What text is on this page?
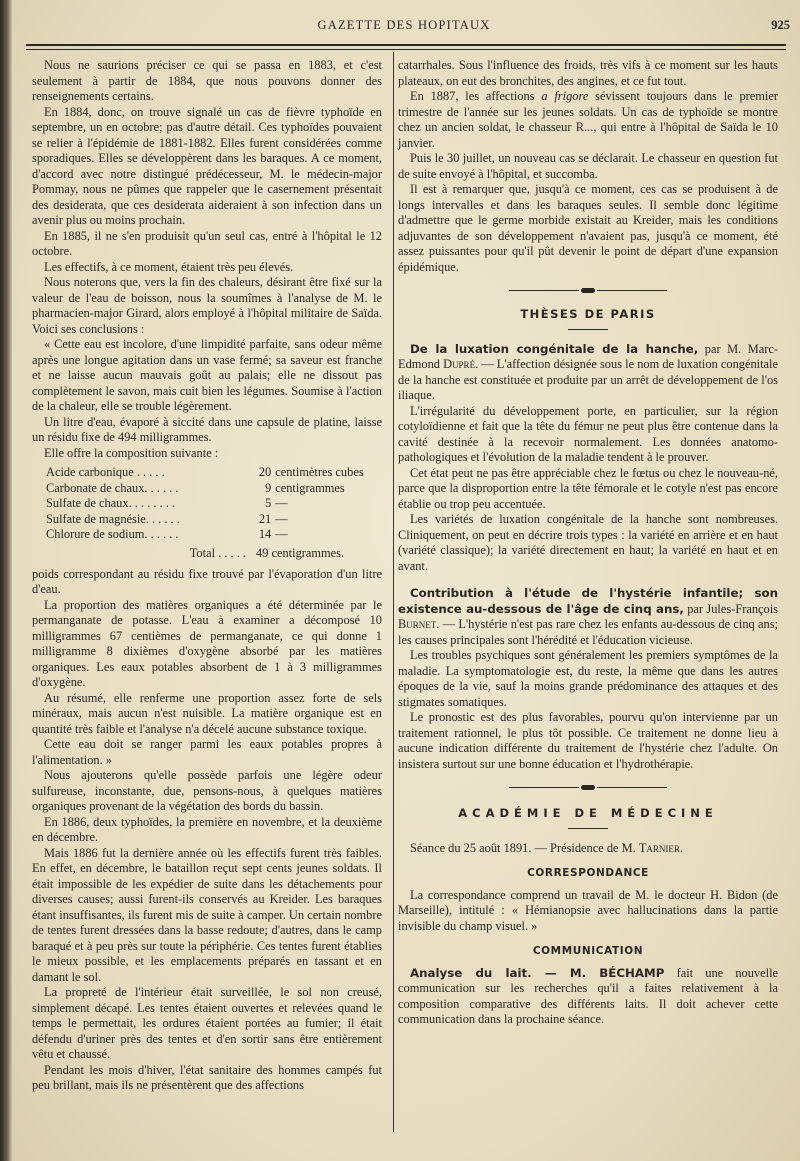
GAZETTE DES HOPITAUX	925

Nous ne saurions préciser ce qui se passa en 1883, et c'est seulement à partir de 1884, que nous pouvons donner des renseignements certains.

En 1884, donc, on trouve signalé un cas de fièvre typhoïde en septembre, un en octobre; pas d'autre détail. Ces typhoïdes pouvaient se relier à l'épidémie de 1881-1882. Elles furent considérées comme sporadiques. Elles se développèrent dans les baraques. A ce moment, d'accord avec notre distingué prédécesseur, M. le médecin-major Pommay, nous ne pûmes que rappeler que le casernement présentait des desiderata, que ces desiderata aideraient à son infection dans un avenir plus ou moins prochain.

En 1885, il ne s'en produisit qu'un seul cas, entré à l'hôpital le 12 octobre.

Les effectifs, à ce moment, étaient très peu élevés.

Nous noterons que, vers la fin des chaleurs, désirant être fixé sur la valeur de l'eau de boisson, nous la soumîmes à l'analyse de M. le pharmacien-major Girard, alors employé à l'hôpital militaire de Saïda. Voici ses conclusions :

« Cette eau est incolore, d'une limpidité parfaite, sans odeur même après une longue agitation dans un vase fermé; sa saveur est franche et ne laisse aucun mauvais goût au palais; elle ne dissout pas complètement le savon, mais cuit bien les légumes. Soumise à l'action de la chaleur, elle se trouble légèrement.

Un litre d'eau, évaporé à siccité dans une capsule de platine, laisse un résidu fixe de 494 milligrammes.

Elle offre la composition suivante :

Acide carbonique . . . . .	20 centimètres cubes
Carbonate de chaux. . . . . .	9 centigrammes
Sulfate de chaux. . . . . . . .	5 —
Sulfate de magnésie. . . . . .	21 —
Chlorure de sodium. . . . . .	14 —
Total . . . . . 49 centigrammes.

poids correspondant au résidu fixe trouvé par l'évaporation d'un litre d'eau.

La proportion des matières organiques a été déterminée par le permanganate de potasse. L'eau à examiner a décomposé 10 milligrammes 67 centièmes de permanganate, ce qui donne 1 milligramme 8 dixièmes d'oxygène absorbé par les matières organiques. Les eaux potables absorbent de 1 à 3 milligrammes d'oxygène.

Au résumé, elle renferme une proportion assez forte de sels minéraux, mais aucun n'est nuisible. La matière organique est en quantité très faible et l'analyse n'a décelé aucune substance toxique.

Cette eau doit se ranger parmi les eaux potables propres à l'alimentation. »

Nous ajouterons qu'elle possède parfois une légère odeur sulfureuse, inconstante, due, pensons-nous, à quelques matières organiques provenant de la végétation des bords du bassin.

En 1886, deux typhoïdes, la première en novembre, et la deuxième en décembre.

Mais 1886 fut la dernière année où les effectifs furent très faibles. En effet, en décembre, le bataillon reçut sept cents jeunes soldats. Il était impossible de les expédier de suite dans les détachements pour diverses causes; aussi furent-ils conservés au Kreider. Les baraques étant insuffisantes, ils furent mis de suite à camper. Un certain nombre de tentes furent dressées dans la basse redoute; d'autres, dans le camp baraqué et à peu près sur toute la périphérie. Ces tentes furent établies le mieux possible, et les emplacements préparés en tassant et en damant le sol.

La propreté de l'intérieur était surveillée, le sol non creusé, simplement décapé. Les tentes étaient ouvertes et relevées quand le temps le permettait, les ordures étaient portées au fumier; il était défendu d'uriner près des tentes et d'en sortir sans être entièrement vêtu et chaussé.

Pendant les mois d'hiver, l'état sanitaire des hommes campés fut peu brillant, mais ils ne présentèrent que des affections

catarrhales. Sous l'influence des froids, très vifs à ce moment sur les hauts plateaux, on eut des bronchites, des angines, et ce fut tout.

En 1887, les affections a frigore sévissent toujours dans le premier trimestre de l'année sur les jeunes soldats. Un cas de typhoïde se montre chez un ancien soldat, le chasseur R..., qui entre à l'hôpital de Saïda le 10 janvier.

Puis le 30 juillet, un nouveau cas se déclarait. Le chasseur en question fut de suite envoyé à l'hôpital, et succomba.

Il est à remarquer que, jusqu'à ce moment, ces cas se produisent à de longs intervalles et dans les baraques seules. Il semble donc légitime d'admettre que le germe morbide existait au Kreider, mais les conditions adjuvantes de son développement n'avaient pas, jusqu'à ce moment, été assez puissantes pour qu'il pût devenir le point de départ d'une expansion épidémique.

THÈSES DE PARIS

De la luxation congénitale de la hanche, par M. Marc-Edmond Dupré. — L'affection désignée sous le nom de luxation congénitale de la hanche est constituée et produite par un arrêt de développement de l'os iliaque.

L'irrégularité du développement porte, en particulier, sur la région cotyloïdienne et fait que la tête du fémur ne peut plus être contenue dans la cavité destinée à la recevoir normalement. Les données anatomo-pathologiques et l'évolution de la maladie tendent à le prouver.

Cet état peut ne pas être appréciable chez le fœtus ou chez le nouveau-né, parce que la disproportion entre la tête fémorale et le cotyle n'est pas encore établie ou trop peu accentuée.

Les variétés de luxation congénitale de la hanche sont nombreuses. Cliniquement, on peut en décrire trois types : la variété en arrière et en haut (variété classique); la variété directement en haut; la variété en haut et en avant.

Contribution à l'étude de l'hystérie infantile; son existence au-dessous de l'âge de cinq ans, par Jules-François Burnet. — L'hystérie n'est pas rare chez les enfants au-dessous de cinq ans; les causes principales sont l'hérédité et l'éducation vicieuse.

Les troubles psychiques sont généralement les premiers symptômes de la maladie. La symptomatologie est, du reste, la même que dans les autres époques de la vie, sauf la moins grande prédominance des attaques et des stigmates somatiques.

Le pronostic est des plus favorables, pourvu qu'on intervienne par un traitement rationnel, le plus tôt possible. Ce traitement ne donne lieu à aucune indication différente du traitement de l'hystérie chez l'adulte. On insistera surtout sur une bonne éducation et l'hydrothérapie.

ACADÉMIE DE MÉDECINE

Séance du 25 août 1891. — Présidence de M. Tarnier.

CORRESPONDANCE

La correspondance comprend un travail de M. le docteur H. Bidon (de Marseille), intitulé : « Hémianopsie avec hallucinations dans la partie invisible du champ visuel. »

COMMUNICATION

Analyse du lait. — M. BÉCHAMP fait une nouvelle communication sur les recherches qu'il a faites relativement à la composition comparative des différents laits. Il doit achever cette communication dans la prochaine séance.
